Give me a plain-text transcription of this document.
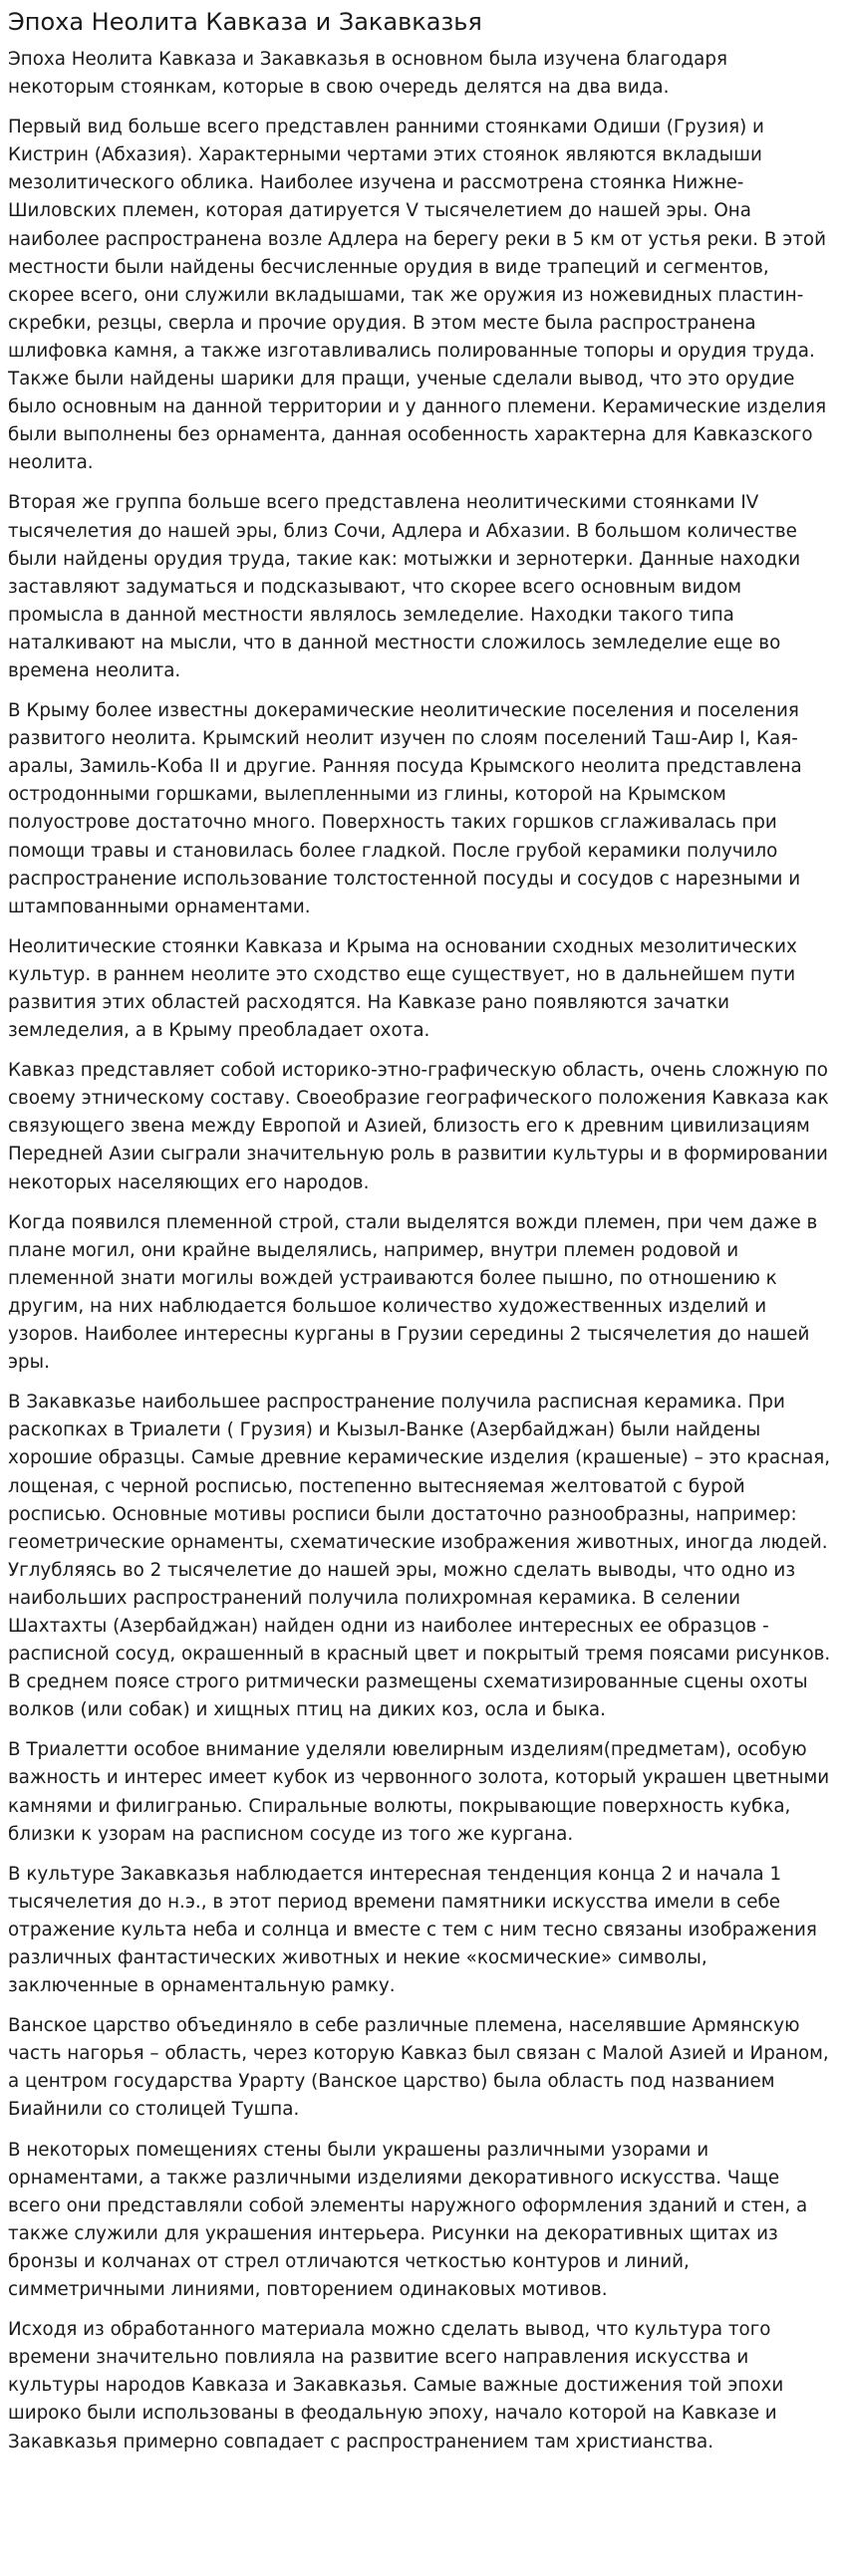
Эпоха Неолита Кавказа и Закавказья

Эпоха Неолита Кавказа и Закавказья в основном была изучена благодаря некоторым стоянкам, которые в свою очередь делятся на два вида.

Первый вид больше всего представлен ранними стоянками Одиши (Грузия) и Кистрин (Абхазия). Характерными чертами этих стоянок являются вкладыши мезолитического облика. Наиболее изучена и рассмотрена стоянка Нижне-Шиловских племен, которая датируется V тысячелетием до нашей эры. Она наиболее распространена возле Адлера на берегу реки в 5 км от устья реки. В этой местности были найдены бесчисленные орудия в виде трапеций и сегментов, скорее всего, они служили вкладышами, так же оружия из ножевидных пластин- скребки, резцы, сверла и прочие орудия. В этом месте была распространена шлифовка камня, а также изготавливались полированные топоры и орудия труда. Также были найдены шарики для пращи, ученые сделали вывод, что это орудие было основным на данной территории и у данного племени. Керамические изделия были выполнены без орнамента, данная особенность характерна для Кавказского неолита.

Вторая же группа больше всего представлена неолитическими стоянками IV тысячелетия до нашей эры, близ Сочи, Адлера и Абхазии. В большом количестве были найдены орудия труда, такие как: мотыжки и зернотерки. Данные находки заставляют задуматься и подсказывают, что скорее всего основным видом промысла в данной местности являлось земледелие. Находки такого типа наталкивают на мысли, что в данной местности сложилось земледелие еще во времена неолита.

В Крыму более известны докерамические неолитические поселения и поселения развитого неолита. Крымский неолит изучен по слоям поселений Таш-Аир I, Кая-аралы, Замиль-Коба II и другие. Ранняя посуда Крымского неолита представлена остродонными горшками, вылепленными из глины, которой на Крымском полуострове достаточно много. Поверхность таких горшков сглаживалась при помощи травы и становилась более гладкой. После грубой керамики получило распространение использование толстостенной посуды и сосудов с нарезными и штампованными орнаментами.

Неолитические стоянки Кавказа и Крыма на основании сходных мезолитических культур. в раннем неолите это сходство еще существует, но в дальнейшем пути развития этих областей расходятся. На Кавказе рано появляются зачатки земледелия, а в Крыму преобладает охота.

Кавказ представляет собой историко-этно-графическую область, очень сложную по своему этническому составу. Своеобразие географического положения Кавказа как связующего звена между Европой и Азией, близость его к древним цивилизациям Передней Азии сыграли значительную роль в развитии культуры и в формировании некоторых населяющих его народов.

Когда появился племенной строй, стали выделятся вожди племен, при чем даже в плане могил, они крайне выделялись, например, внутри племен родовой и племенной знати могилы вождей устраиваются более пышно, по отношению к другим, на них наблюдается большое количество художественных изделий и узоров. Наиболее интересны курганы в Грузии середины 2 тысячелетия до нашей эры.

В Закавказье наибольшее распространение получила расписная керамика. При раскопках в Триалети ( Грузия) и Кызыл-Ванке (Азербайджан) были найдены хорошие образцы. Самые древние керамические изделия (крашеные) – это красная, лощеная, с черной росписью, постепенно вытесняемая желтоватой с бурой росписью. Основные мотивы росписи были достаточно разнообразны, например: геометрические орнаменты, схематические изображения животных, иногда людей. Углубляясь во 2 тысячелетие до нашей эры, можно сделать выводы, что одно из наибольших распространений получила полихромная керамика. В селении Шахтахты (Азербайджан) найден одни из наиболее интересных ее образцов - расписной сосуд, окрашенный в красный цвет и покрытый тремя поясами рисунков. В среднем поясе строго ритмически размещены схематизированные сцены охоты волков (или собак) и хищных птиц на диких коз, осла и быка.

В Триалетти особое внимание уделяли ювелирным изделиям(предметам), особую важность и интерес имеет кубок из червонного золота, который украшен цветными камнями и филигранью. Спиральные волюты, покрывающие поверхность кубка, близки к узорам на расписном сосуде из того же кургана.

В культуре Закавказья наблюдается интересная тенденция конца 2 и начала 1 тысячелетия до н.э., в этот период времени памятники искусства имели в себе отражение культа неба и солнца и вместе с тем с ним тесно связаны изображения различных фантастических животных и некие «космические» символы, заключенные в орнаментальную рамку.

Ванское царство объединяло в себе различные племена, населявшие Армянскую часть нагорья – область, через которую Кавказ был связан с Малой Азией и Ираном, а центром государства Урарту (Ванское царство) была область под названием Биайнили со столицей Тушпа.

В некоторых помещениях стены были украшены различными узорами и орнаментами, а также различными изделиями декоративного искусства. Чаще всего они представляли собой элементы наружного оформления зданий и стен, а также служили для украшения интерьера. Рисунки на декоративных щитах из бронзы и колчанах от стрел отличаются четкостью контуров и линий, симметричными линиями, повторением одинаковых мотивов.

Исходя из обработанного материала можно сделать вывод, что культура того времени значительно повлияла на развитие всего направления искусства и культуры народов Кавказа и Закавказья. Самые важные достижения той эпохи широко были использованы в феодальную эпоху, начало которой на Кавказе и Закавказья примерно совпадает с распространением там христианства.
